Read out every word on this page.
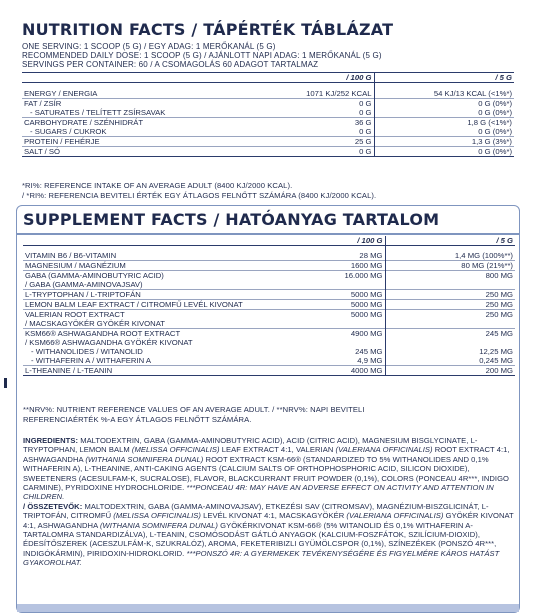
NUTRITION FACTS / TÁPÉRTÉK TÁBLÁZAT
ONE SERVING: 1 SCOOP (5 G) / EGY ADAG: 1 MERŐKANÁL (5 G)
RECOMMENDED DAILY DOSE: 1 SCOOP (5 G) / AJÁNLOTT NAPI ADAG: 1 MERŐKANÁL (5 G)
SERVINGS PER CONTAINER: 60 / A CSOMAGOLÁS 60 ADAGOT TARTALMAZ
	/ 100 G	/ 5 G

ENERGY / ENERGIA	1071 KJ/252 KCAL	54 KJ/13 KCAL (<1%*)
FAT / ZSÍR	0 G	0 G (0%*)
- SATURATES / TELÍTETT ZSÍRSAVAK	0 G	0 G (0%*)
CARBOHYDRATE / SZÉNHIDRÁT	36 G	1,8 G (<1%*)
- SUGARS / CUKROK	0 G	0 G (0%*)
PROTEIN / FEHÉRJE	25 G	1,3 G (3%*)
SALT / SÓ	0 G	0 G (0%*)
*RI%: REFERENCE INTAKE OF AN AVERAGE ADULT (8400 KJ/2000 KCAL).
/ *RI%: REFERENCIA BEVITELI ÉRTÉK EGY ÁTLAGOS FELNŐTT SZÁMÁRA (8400 KJ/2000 KCAL).
SUPPLEMENT FACTS / HATÓANYAG TARTALOM
	/ 100 G	/ 5 G

VITAMIN B6 / B6-VITAMIN	28 MG	1,4 MG (100%**)
MAGNESIUM / MAGNÉZIUM	1600 MG	80 MG (21%**)
GABA (GAMMA-AMINOBUTYRIC ACID)	16.000 MG	800 MG
/ GABA (GAMMA-AMINOVAJSAV)		
L-TRYPTOPHAN / L-TRIPTOFÁN	5000 MG	250 MG
LEMON BALM LEAF EXTRACT / CITROMFŰ LEVÉL KIVONAT	5000 MG	250 MG
VALERIAN ROOT EXTRACT	5000 MG	250 MG
/ MACSKAGYÖKÉR GYÖKÉR KIVONAT		
KSM66® ASHWAGANDHA ROOT EXTRACT	4900 MG	245 MG
/ KSM66® ASHWAGANDHA GYÖKÉR KIVONAT		
- WITHANOLIDES / WITANOLID	245 MG	12,25 MG
- WITHAFERIN A / WITHAFERIN A	4,9 MG	0,245 MG
L-THEANINE / L-TEANIN	4000 MG	200 MG
**NRV%: NUTRIENT REFERENCE VALUES OF AN AVERAGE ADULT. / **NRV%: NAPI BEVITELI
REFERENCIAÉRTÉK %-A EGY ÁTLAGOS FELNŐTT SZÁMÁRA.
INGREDIENTS: MALTODEXTRIN, GABA (GAMMA-AMINOBUTYRIC ACID), ACID (CITRIC ACID), MAGNESIUM BISGLYCINATE, L-TRYPTOPHAN, LEMON BALM (MELISSA OFFICINALIS) LEAF EXTRACT 4:1, VALERIAN (VALERIANA OFFICINALIS) ROOT EXTRACT 4:1, ASHWAGANDHA (WITHANIA SOMNIFERA DUNAL) ROOT EXTRACT KSM-66® (STANDARDIZED TO 5% WITHANOLIDES AND 0,1% WITHAFERIN A), L-THEANINE, ANTI-CAKING AGENTS (CALCIUM SALTS OF ORTHOPHOSPHORIC ACID, SILICON DIOXIDE), SWEETENERS (ACESULFAM-K, SUCRALOSE), FLAVOR, BLACKCURRANT FRUIT POWDER (0,1%), COLORS (PONCEAU 4R***, INDIGO CARMINE), PYRIDOXINE HYDROCHLORIDE. ***PONCEAU 4R: MAY HAVE AN ADVERSE EFFECT ON ACTIVITY AND ATTENTION IN CHILDREN.
/ ÖSSZETEVŐK: MALTODEXTRIN, GABA (GAMMA-AMINOVAJSAV), ETKEZÉSI SAV (CITROMSAV), MAGNÉZIUM-BISZGLICINÁT, L-TRIPTOFÁN, CITROMFŰ (MELISSA OFFICINALIS) LEVÉL KIVONAT 4:1, MACSKAGYÖKÉR (VALERIANA OFFICINALIS) GYÖKÉR KIVONAT 4:1, ASHWAGANDHA (WITHANIA SOMNIFERA DUNAL) GYÖKÉRKIVONAT KSM-66® (5% WITANOLID ÉS 0,1% WITHAFERIN A-TARTALOMRA STANDARDIZÁLVA), L-TEANIN, CSOMÓSODÁST GÁTLÓ ANYAGOK (KALCIUM-FOSZFÁTOK, SZILÍCIUM-DIOXID), ÉDESÍTŐSZEREK (ACESZULFÁM-K, SZUKRALÓZ), AROMA, FEKETERIBIZLI GYÜMÖLCSPOR (0,1%), SZÍNEZÉKEK (PONSZÓ 4R***, INDIGÓKÁRMIN), PIRIDOXIN-HIDROKLORID. ***PONSZÓ 4R: A GYERMEKEK TEVÉKENYSÉGÉRE ÉS FIGYELMÉRE KÁROS HATÁST GYAKOROLHAT.
